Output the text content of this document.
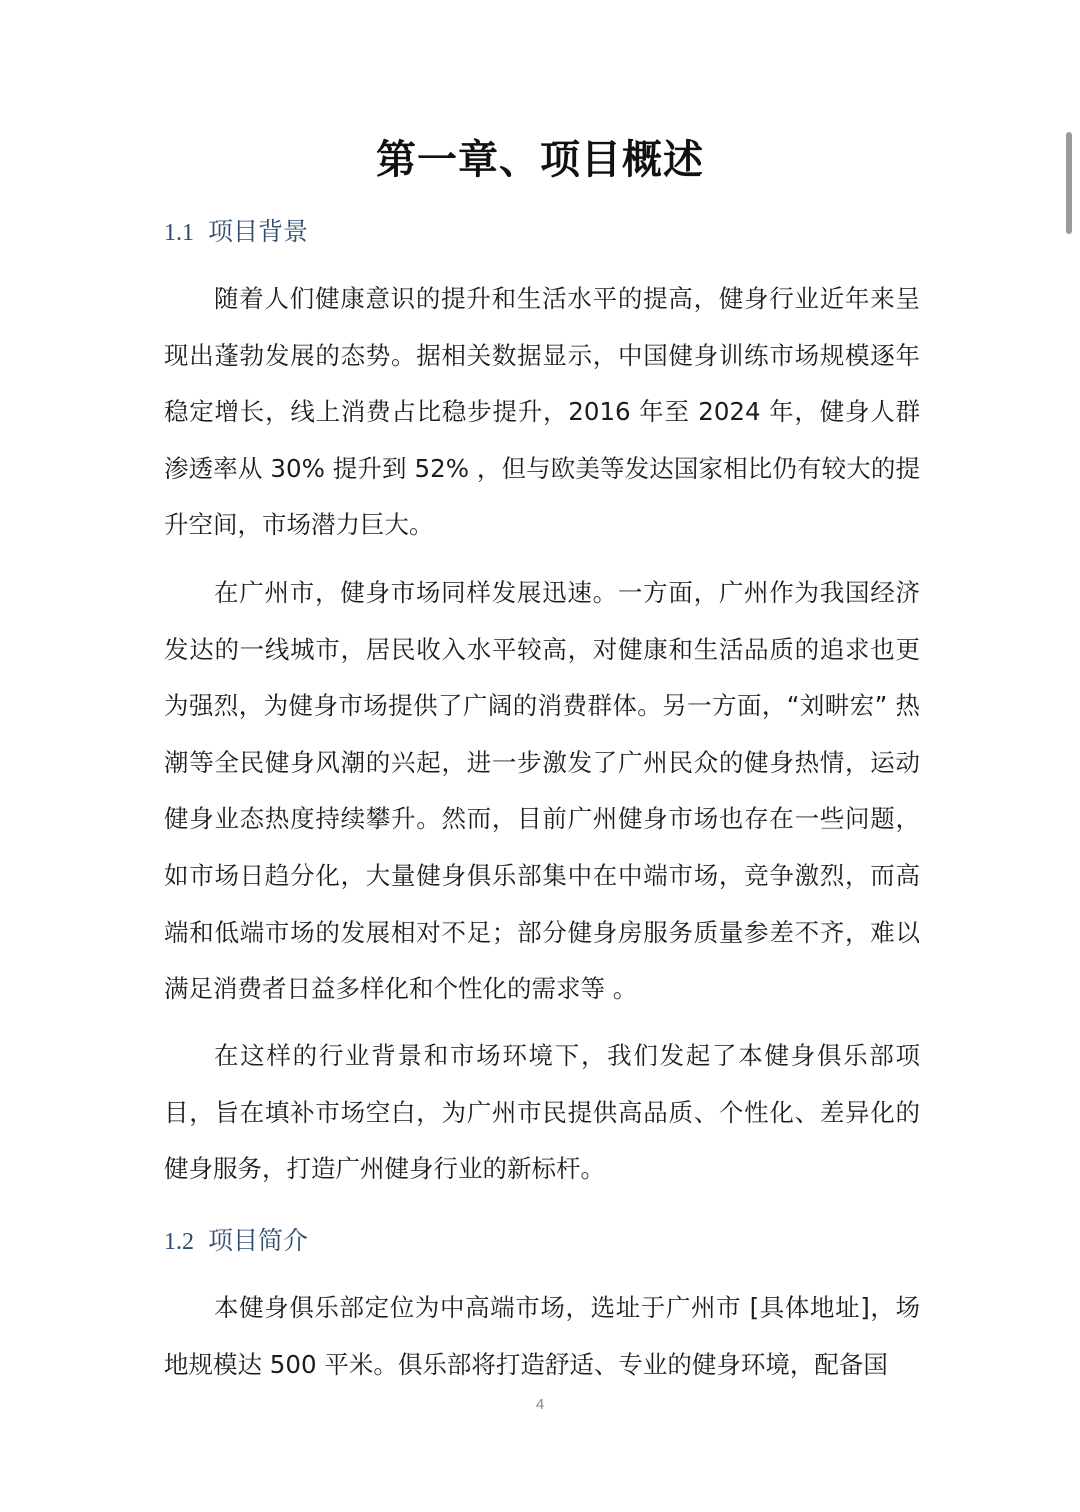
第一章、项目概述
1.1 项目背景

随着人们健康意识的提升和生活水平的提高，健身行业近年来呈现出蓬勃发展的态势。据相关数据显示，中国健身训练市场规模逐年稳定增长，线上消费占比稳步提升，2016 年至 2024 年，健身人群渗透率从 30% 提升到 52% ，但与欧美等发达国家相比仍有较大的提升空间，市场潜力巨大。

在广州市，健身市场同样发展迅速。一方面，广州作为我国经济发达的一线城市，居民收入水平较高，对健康和生活品质的追求也更为强烈，为健身市场提供了广阔的消费群体。另一方面，“刘畊宏” 热潮等全民健身风潮的兴起，进一步激发了广州民众的健身热情，运动健身业态热度持续攀升。然而，目前广州健身市场也存在一些问题，如市场日趋分化，大量健身俱乐部集中在中端市场，竞争激烈，而高端和低端市场的发展相对不足；部分健身房服务质量参差不齐，难以满足消费者日益多样化和个性化的需求等 。

在这样的行业背景和市场环境下，我们发起了本健身俱乐部项目，旨在填补市场空白，为广州市民提供高品质、个性化、差异化的健身服务，打造广州健身行业的新标杆。

1.2 项目简介

本健身俱乐部定位为中高端市场，选址于广州市 [具体地址]，场地规模达 500 平米。俱乐部将打造舒适、专业的健身环境，配备国

4
